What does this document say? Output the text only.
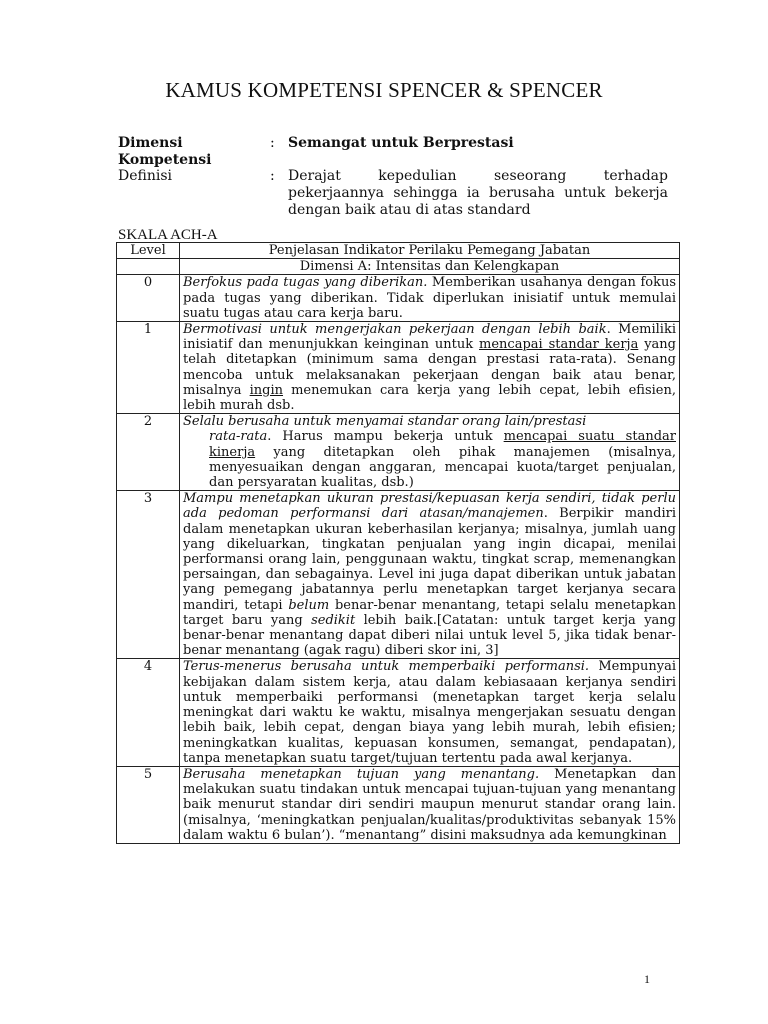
KAMUS KOMPETENSI SPENCER & SPENCER
Dimensi Kompetensi
: Semangat untuk Berprestasi
Definisi	: Derajat kepedulian seseorang terhadap pekerjaannya sehingga ia berusaha untuk bekerja dengan baik atau di atas standard
SKALA ACH-A
Level	Penjelasan Indikator Perilaku Pemegang Jabatan
	Dimensi A: Intensitas dan Kelengkapan
0	Berfokus pada tugas yang diberikan. Memberikan usahanya dengan fokus pada tugas yang diberikan. Tidak diperlukan inisiatif untuk memulai suatu tugas atau cara kerja baru.
1	Bermotivasi untuk mengerjakan pekerjaan dengan lebih baik. Memiliki inisiatif dan menunjukkan keinginan untuk mencapai standar kerja yang telah ditetapkan (minimum sama dengan prestasi rata-rata). Senang mencoba untuk melaksanakan pekerjaan dengan baik atau benar, misalnya ingin menemukan cara kerja yang lebih cepat, lebih efisien, lebih murah dsb.
2	Selalu berusaha untuk menyamai standar orang lain/prestasi
rata-rata. Harus mampu bekerja untuk mencapai suatu standar kinerja yang ditetapkan oleh pihak manajemen (misalnya, menyesuaikan dengan anggaran, mencapai kuota/target penjualan, dan persyaratan kualitas, dsb.)

3	Mampu menetapkan ukuran prestasi/kepuasan kerja sendiri, tidak perlu ada pedoman performansi dari atasan/manajemen. Berpikir mandiri dalam menetapkan ukuran keberhasilan kerjanya; misalnya, jumlah uang yang dikeluarkan, tingkatan penjualan yang ingin dicapai, menilai performansi orang lain, penggunaan waktu, tingkat scrap, memenangkan persaingan, dan sebagainya. Level ini juga dapat diberikan untuk jabatan yang pemegang jabatannya perlu menetapkan target kerjanya secara mandiri, tetapi belum benar-benar menantang, tetapi selalu menetapkan target baru yang sedikit lebih baik.[Catatan: untuk target kerja yang benar-benar menantang dapat diberi nilai untuk level 5, jika tidak benar-benar menantang (agak ragu) diberi skor ini, 3]
4	Terus-menerus berusaha untuk memperbaiki performansi. Mempunyai kebijakan dalam sistem kerja, atau dalam kebiasaaan kerjanya sendiri untuk memperbaiki performansi (menetapkan target kerja selalu meningkat dari waktu ke waktu, misalnya mengerjakan sesuatu dengan lebih baik, lebih cepat, dengan biaya yang lebih murah, lebih efisien; meningkatkan kualitas, kepuasan konsumen, semangat, pendapatan), tanpa menetapkan suatu target/tujuan tertentu pada awal kerjanya.
5	Berusaha menetapkan tujuan yang menantang. Menetapkan dan melakukan suatu tindakan untuk mencapai tujuan-tujuan yang menantang baik menurut standar diri sendiri maupun menurut standar orang lain. (misalnya, ‘meningkatkan penjualan/kualitas/produktivitas sebanyak 15% dalam waktu 6 bulan’). “menantang” disini maksudnya ada kemungkinan
1
